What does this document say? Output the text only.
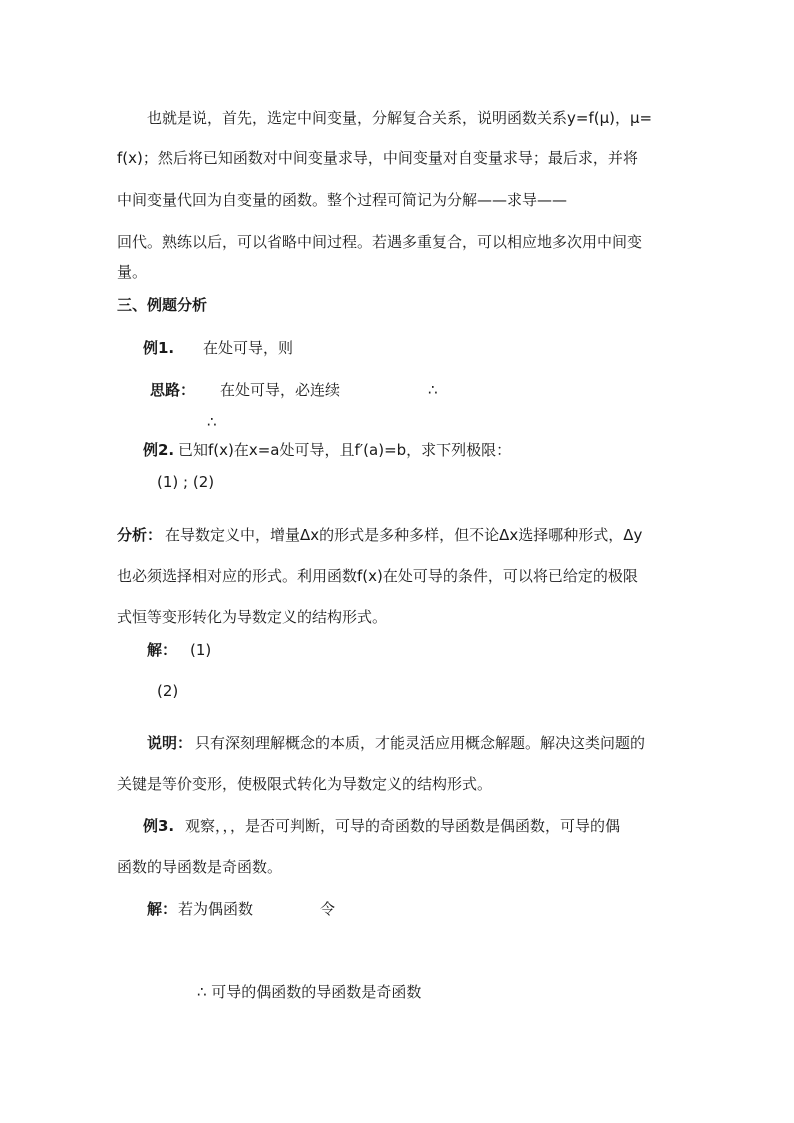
也就是说，首先，选定中间变量，分解复合关系，说明函数关系y=f(μ)，μ=
f(x)；然后将已知函数对中间变量求导，中间变量对自变量求导；最后求，并将
中间变量代回为自变量的函数。整个过程可简记为分解——求导——
回代。熟练以后，可以省略中间过程。若遇多重复合，可以相应地多次用中间变
量。
三、例题分析
例1. 在处可导，则
思路： 在处可导，必连续	∴
∴
例2. 已知f(x)在x=a处可导，且f′(a)=b，求下列极限：
(1) ; (2)
分析： 在导数定义中，增量Δx的形式是多种多样，但不论Δx选择哪种形式，Δy
也必须选择相对应的形式。利用函数f(x)在处可导的条件，可以将已给定的极限
式恒等变形转化为导数定义的结构形式。
解： (1)
(2)
说明： 只有深刻理解概念的本质，才能灵活应用概念解题。解决这类问题的
关键是等价变形，使极限式转化为导数定义的结构形式。
例3. 观察，，，是否可判断，可导的奇函数的导函数是偶函数，可导的偶
函数的导函数是奇函数。
解： 若为偶函数	令
∴ 可导的偶函数的导函数是奇函数
